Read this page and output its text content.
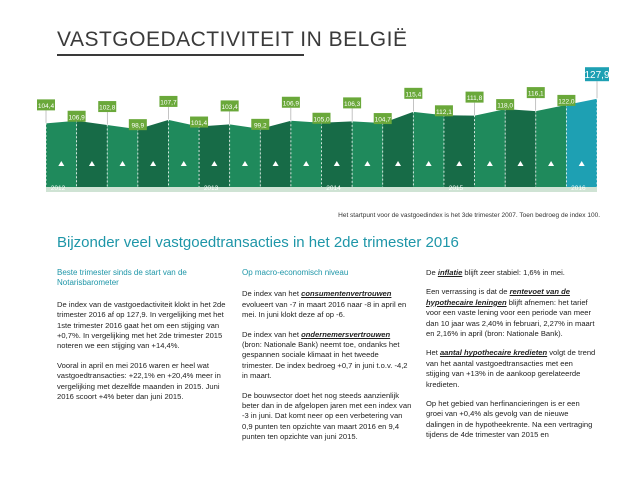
VASTGOEDACTIVITEIT IN BELGIË
104,4
106,9
102,8
98,9
107,7
101,4
103,4
99,2
106,9
105,0
106,3
104,7
115,4
112,1
111,8
118,0
116,1
122,0
127,9
2012	2013	2014	2015	2016
Het startpunt voor de vastgoedindex is het 3de trimester 2007. Toen bedroeg de index 100.
Bijzonder veel vastgoedtransacties in het 2de trimester 2016
Beste trimester sinds de start van de Notarisbarometer

De index van de vastgoedactiviteit klokt in het 2de trimester 2016 af op 127,9. In vergelijking met het 1ste trimester 2016 gaat het om een stijging van +0,7%. In vergelijking met het 2de trimester 2015 noteren we een stijging van +14,4%.

Vooral in april en mei 2016 waren er heel wat vastgoedtransacties: +22,1% en +20,4% meer in vergelijking met dezelfde maanden in 2015. Juni 2016 scoort +4% beter dan juni 2015.

Op macro-economisch niveau

De index van het consumentenvertrouwen evolueert van -7 in maart 2016 naar -8 in april en mei. In juni klokt deze af op -6.

De index van het ondernemersvertrouwen (bron: Nationale Bank) neemt toe, ondanks het gespannen sociale klimaat in het tweede trimester. De index bedroeg +0,7 in juni t.o.v. -4,2 in maart.

De bouwsector doet het nog steeds aanzienlijk beter dan in de afgelopen jaren met een index van -3 in juni. Dat komt neer op een verbetering van 0,9 punten ten opzichte van maart 2016 en 9,4 punten ten opzichte van juni 2015.

De inflatie blijft zeer stabiel: 1,6% in mei.

Een verrassing is dat de rentevoet van de hypothecaire leningen blijft afnemen: het tarief voor een vaste lening voor een periode van meer dan 10 jaar was 2,40% in februari, 2,27% in maart en 2,16% in april (bron: Nationale Bank).

Het aantal hypothecaire kredieten volgt de trend van het aantal vastgoedtransacties met een stijging van +13% in de aankoop gerelateerde kredieten.

Op het gebied van herfinancieringen is er een groei van +0,4% als gevolg van de nieuwe dalingen in de hypotheekrente. Na een vertraging tijdens de 4de trimester van 2015 en
